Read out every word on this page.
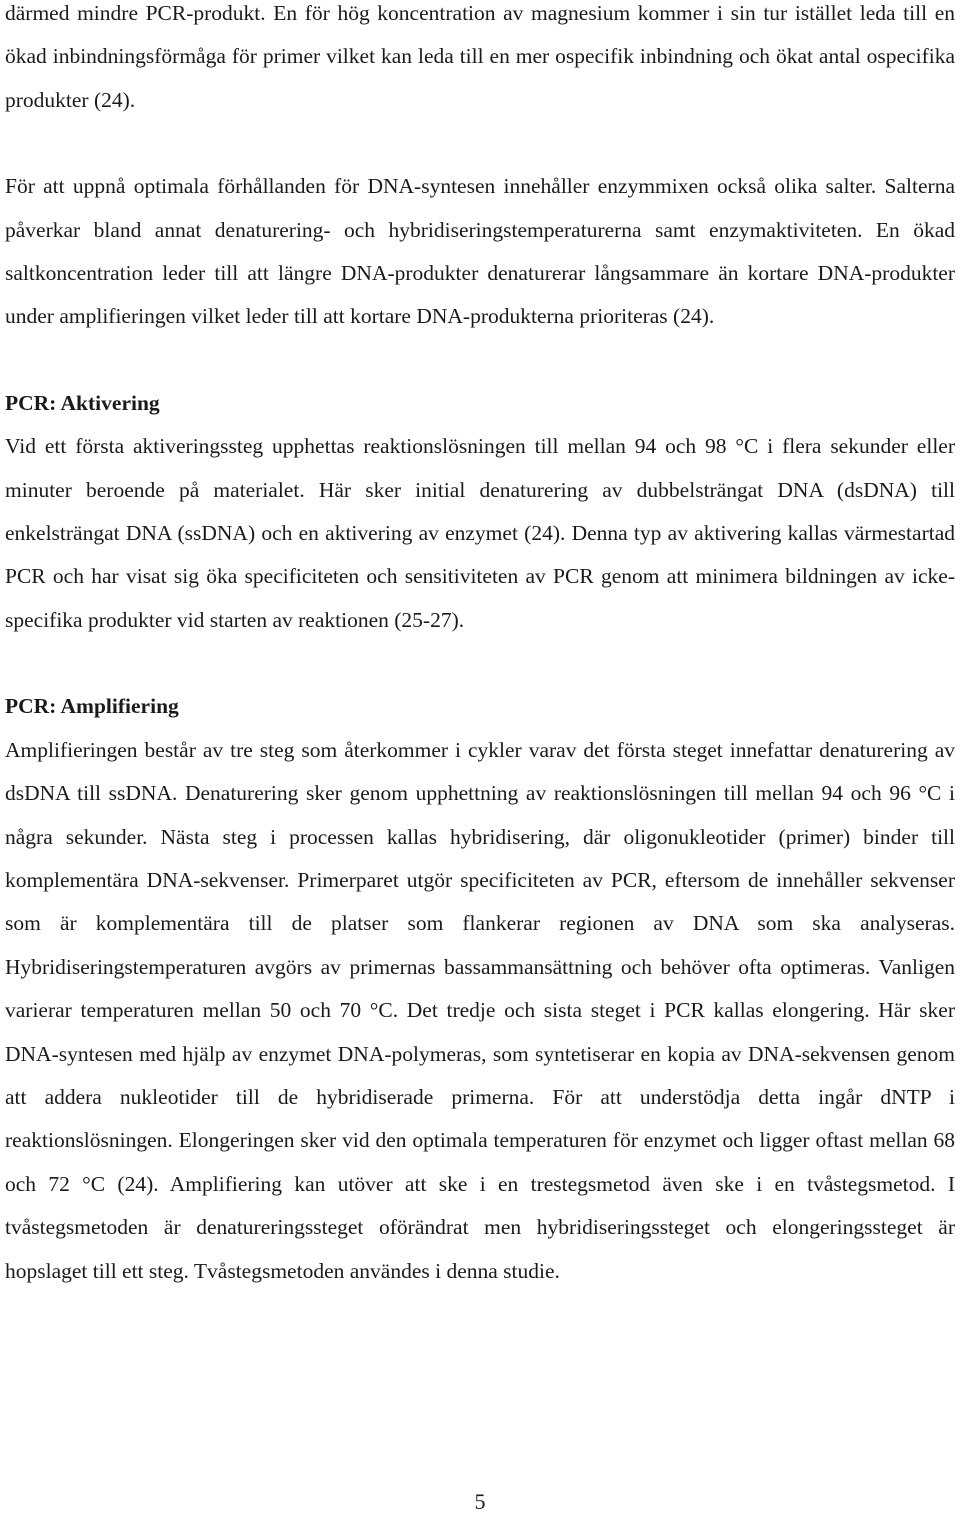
därmed mindre PCR-produkt. En för hög koncentration av magnesium kommer i sin tur istället leda till en ökad inbindningsförmåga för primer vilket kan leda till en mer ospecifik inbindning och ökat antal ospecifika produkter (24).

För att uppnå optimala förhållanden för DNA-syntesen innehåller enzymmixen också olika salter. Salterna påverkar bland annat denaturering- och hybridiseringstemperaturerna samt enzymaktiviteten. En ökad saltkoncentration leder till att längre DNA-produkter denaturerar långsammare än kortare DNA-produkter under amplifieringen vilket leder till att kortare DNA-produkterna prioriteras (24).

PCR: Aktivering

Vid ett första aktiveringssteg upphettas reaktionslösningen till mellan 94 och 98 °C i flera sekunder eller minuter beroende på materialet. Här sker initial denaturering av dubbelsträngat DNA (dsDNA) till enkelsträngat DNA (ssDNA) och en aktivering av enzymet (24). Denna typ av aktivering kallas värmestartad PCR och har visat sig öka specificiteten och sensitiviteten av PCR genom att minimera bildningen av icke-specifika produkter vid starten av reaktionen (25-27).

PCR: Amplifiering

Amplifieringen består av tre steg som återkommer i cykler varav det första steget innefattar denaturering av dsDNA till ssDNA. Denaturering sker genom upphettning av reaktionslösningen till mellan 94 och 96 °C i några sekunder. Nästa steg i processen kallas hybridisering, där oligonukleotider (primer) binder till komplementära DNA-sekvenser. Primerparet utgör specificiteten av PCR, eftersom de innehåller sekvenser som är komplementära till de platser som flankerar regionen av DNA som ska analyseras. Hybridiseringstemperaturen avgörs av primernas bassammansättning och behöver ofta optimeras. Vanligen varierar temperaturen mellan 50 och 70 °C. Det tredje och sista steget i PCR kallas elongering. Här sker DNA-syntesen med hjälp av enzymet DNA-polymeras, som syntetiserar en kopia av DNA-sekvensen genom att addera nukleotider till de hybridiserade primerna. För att understödja detta ingår dNTP i reaktionslösningen. Elongeringen sker vid den optimala temperaturen för enzymet och ligger oftast mellan 68 och 72 °C (24). Amplifiering kan utöver att ske i en trestegsmetod även ske i en tvåstegsmetod. I tvåstegsmetoden är denatureringssteget oförändrat men hybridiseringssteget och elongeringssteget är hopslaget till ett steg. Tvåstegsmetoden användes i denna studie.

5
